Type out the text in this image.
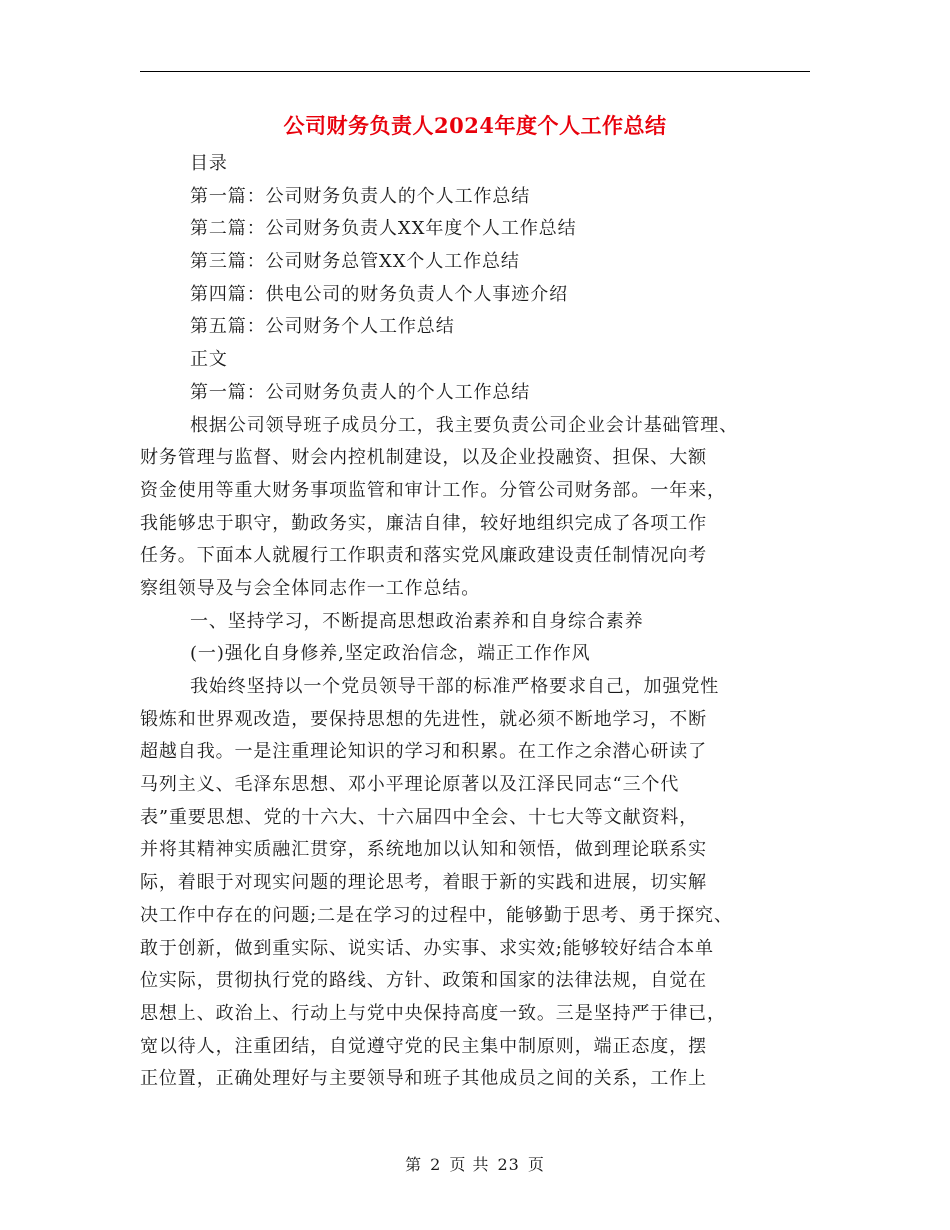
公司财务负责人2024年度个人工作总结
目录
第一篇：公司财务负责人的个人工作总结
第二篇：公司财务负责人XX年度个人工作总结
第三篇：公司财务总管XX个人工作总结
第四篇：供电公司的财务负责人个人事迹介绍
第五篇：公司财务个人工作总结
正文
第一篇：公司财务负责人的个人工作总结
根据公司领导班子成员分工，我主要负责公司企业会计基础管理、
财务管理与监督、财会内控机制建设，以及企业投融资、担保、大额
资金使用等重大财务事项监管和审计工作。分管公司财务部。一年来，
我能够忠于职守，勤政务实，廉洁自律，较好地组织完成了各项工作
任务。下面本人就履行工作职责和落实党风廉政建设责任制情况向考
察组领导及与会全体同志作一工作总结。
一、坚持学习，不断提高思想政治素养和自身综合素养
(一)强化自身修养,坚定政治信念，端正工作作风
我始终坚持以一个党员领导干部的标准严格要求自己，加强党性
锻炼和世界观改造，要保持思想的先进性，就必须不断地学习，不断
超越自我。一是注重理论知识的学习和积累。在工作之余潜心研读了
马列主义、毛泽东思想、邓小平理论原著以及江泽民同志“三个代
表”重要思想、党的十六大、十六届四中全会、十七大等文献资料，
并将其精神实质融汇贯穿，系统地加以认知和领悟，做到理论联系实
际，着眼于对现实问题的理论思考，着眼于新的实践和进展，切实解
决工作中存在的问题;二是在学习的过程中，能够勤于思考、勇于探究、
敢于创新，做到重实际、说实话、办实事、求实效;能够较好结合本单
位实际，贯彻执行党的路线、方针、政策和国家的法律法规，自觉在
思想上、政治上、行动上与党中央保持高度一致。三是坚持严于律已，
宽以待人，注重团结，自觉遵守党的民主集中制原则，端正态度，摆
正位置，正确处理好与主要领导和班子其他成员之间的关系，工作上
第 2 页 共 23 页
